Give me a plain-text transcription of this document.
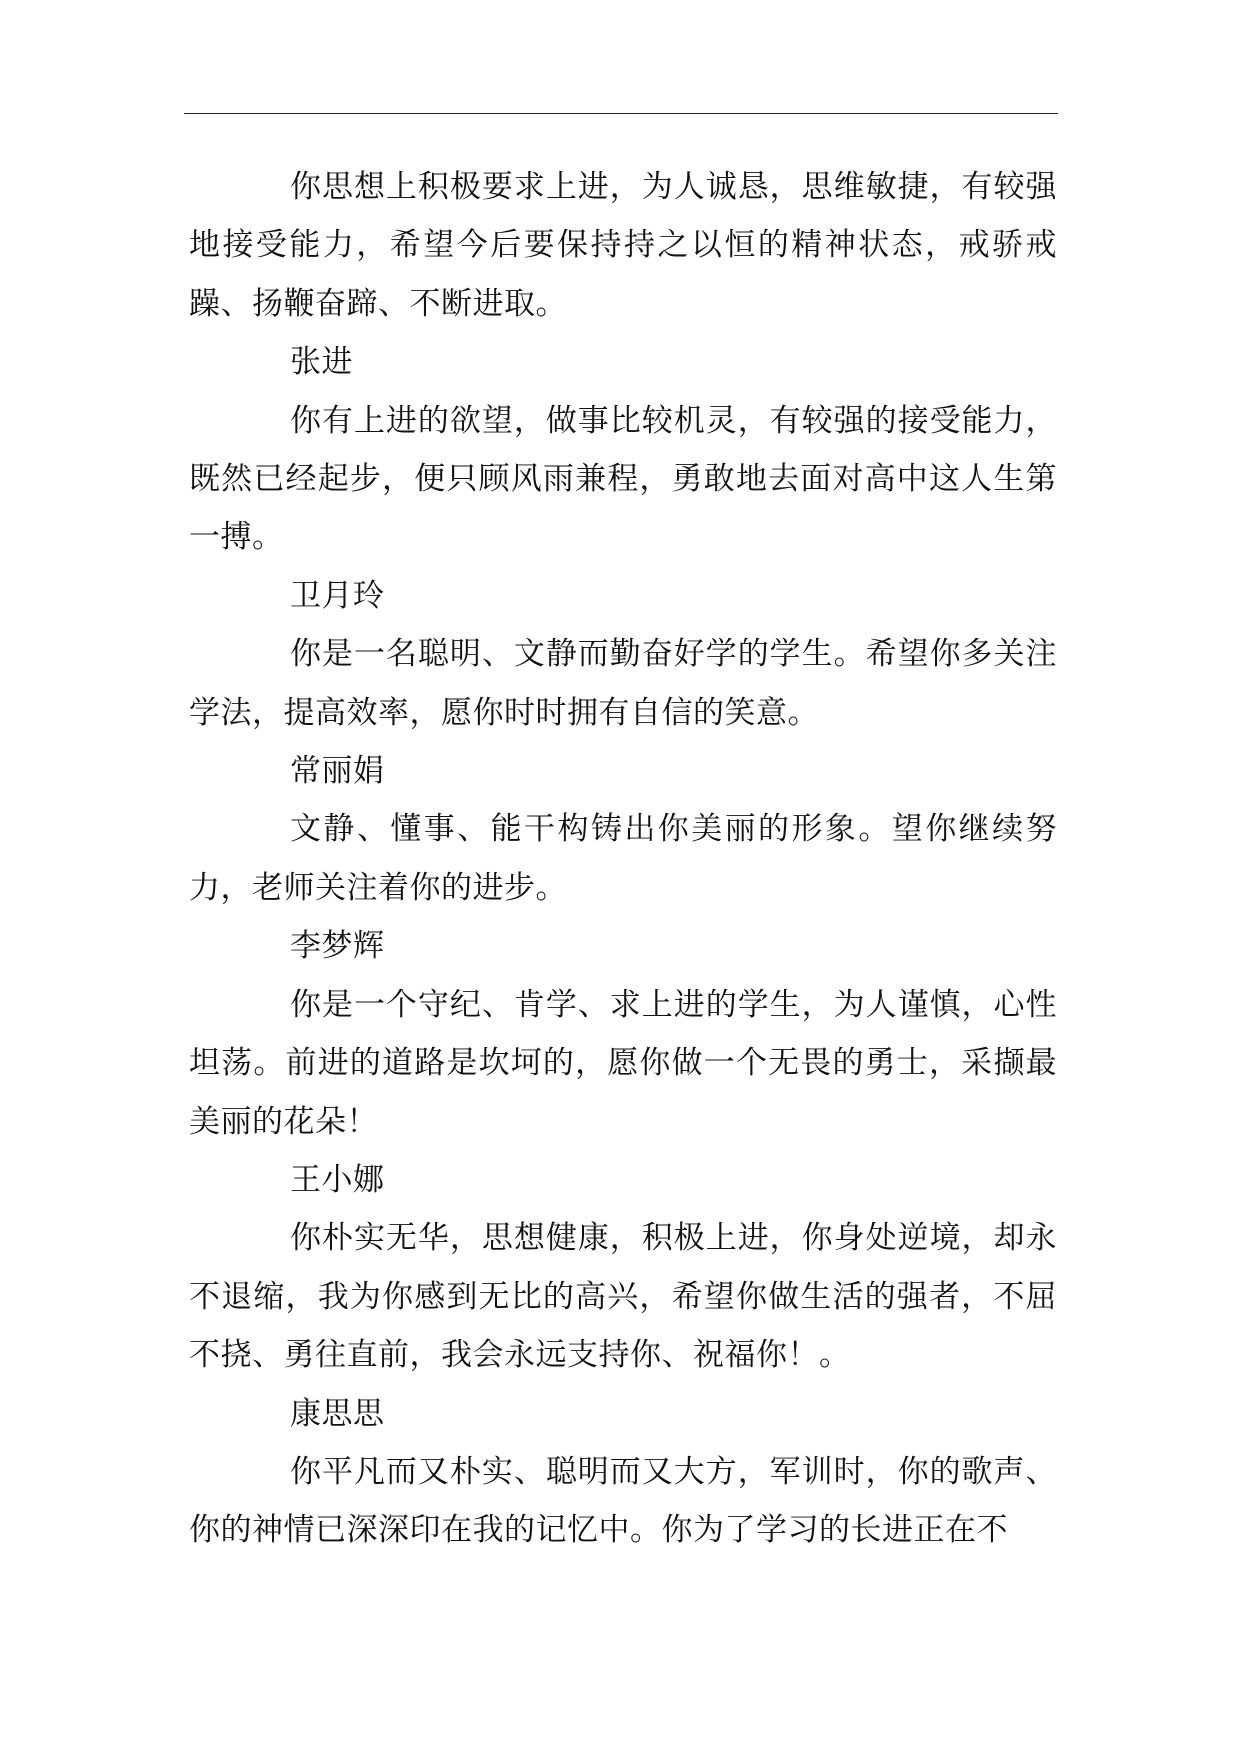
你思想上积极要求上进，为人诚恳，思维敏捷，有较强地接受能力，希望今后要保持持之以恒的精神状态，戒骄戒躁、扬鞭奋蹄、不断进取。

张进

你有上进的欲望，做事比较机灵，有较强的接受能力，既然已经起步，便只顾风雨兼程，勇敢地去面对高中这人生第一搏。

卫月玲

你是一名聪明、文静而勤奋好学的学生。希望你多关注学法，提高效率，愿你时时拥有自信的笑意。

常丽娟

文静、懂事、能干构铸出你美丽的形象。望你继续努力，老师关注着你的进步。

李梦辉

你是一个守纪、肯学、求上进的学生，为人谨慎，心性坦荡。前进的道路是坎坷的，愿你做一个无畏的勇士，采撷最美丽的花朵！

王小娜

你朴实无华，思想健康，积极上进，你身处逆境，却永不退缩，我为你感到无比的高兴，希望你做生活的强者，不屈不挠、勇往直前，我会永远支持你、祝福你！。

康思思

你平凡而又朴实、聪明而又大方，军训时，你的歌声、你的神情已深深印在我的记忆中。你为了学习的长进正在不
